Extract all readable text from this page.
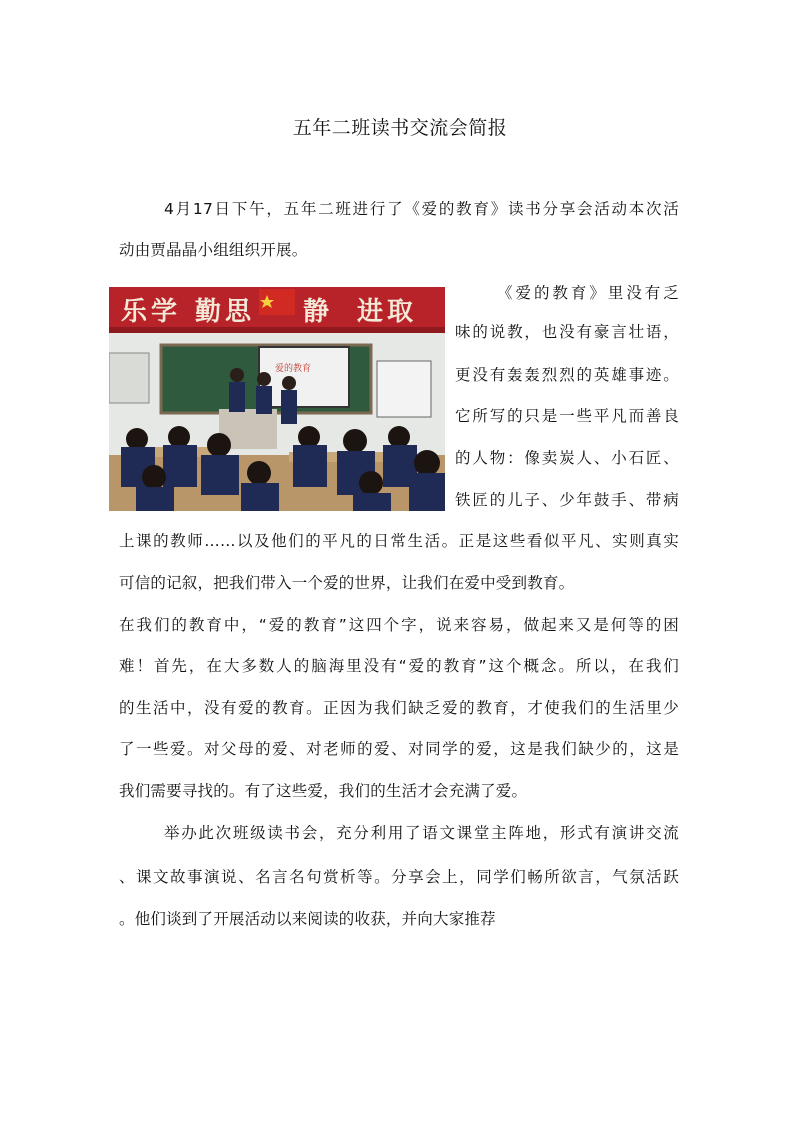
五年二班读书交流会简报
4月17日下午，五年二班进行了《爱的教育》读书分享会活动本次活
动由贾晶晶小组组织开展。
乐 学 勤 思 静 进 取
爱的教育
《爱的教育》里没有乏
味的说教，也没有豪言壮语，
更没有轰轰烈烈的英雄事迹。
它所写的只是一些平凡而善良
的人物：像卖炭人、小石匠、
铁匠的儿子、少年鼓手、带病
上课的教师……以及他们的平凡的日常生活。正是这些看似平凡、实则真实
可信的记叙，把我们带入一个爱的世界，让我们在爱中受到教育。
在我们的教育中，“爱的教育”这四个字，说来容易，做起来又是何等的困
难！首先，在大多数人的脑海里没有“爱的教育”这个概念。所以，在我们
的生活中，没有爱的教育。正因为我们缺乏爱的教育，才使我们的生活里少
了一些爱。对父母的爱、对老师的爱、对同学的爱，这是我们缺少的，这是
我们需要寻找的。有了这些爱，我们的生活才会充满了爱。
举办此次班级读书会，充分利用了语文课堂主阵地，形式有演讲交流
、课文故事演说、名言名句赏析等。分享会上，同学们畅所欲言，气氛活跃
。他们谈到了开展活动以来阅读的收获，并向大家推荐
